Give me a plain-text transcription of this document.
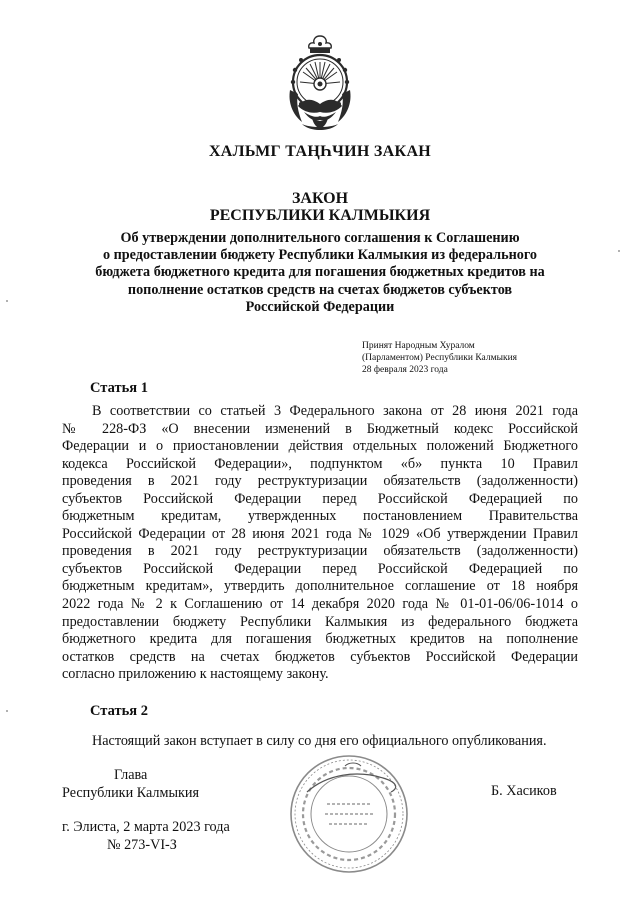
ХАЛЬМГ ТАҢҺЧИН ЗАКАН
ЗАКОН
РЕСПУБЛИКИ КАЛМЫКИЯ
Об утверждении дополнительного соглашения к Соглашению
о предоставлении бюджету Республики Калмыкия из федерального
бюджета бюджетного кредита для погашения бюджетных кредитов на
пополнение остатков средств на счетах бюджетов субъектов
Российской Федерации
Принят Народным Хуралом
(Парламентом) Республики Калмыкия
28 февраля 2023 года
Статья 1
В соответствии со статьей 3 Федерального закона от 28 июня 2021 года
№ 228-ФЗ «О внесении изменений в Бюджетный кодекс Российской
Федерации и о приостановлении действия отдельных положений Бюджетного
кодекса Российской Федерации», подпунктом «б» пункта 10 Правил
проведения в 2021 году реструктуризации обязательств (задолженности)
субъектов Российской Федерации перед Российской Федерацией по
бюджетным кредитам, утвержденных постановлением Правительства
Российской Федерации от 28 июня 2021 года № 1029 «Об утверждении Правил
проведения в 2021 году реструктуризации обязательств (задолженности)
субъектов Российской Федерации перед Российской Федерацией по
бюджетным кредитам», утвердить дополнительное соглашение от 18 ноября
2022 года № 2 к Соглашению от 14 декабря 2020 года № 01-01-06/06-1014 о
предоставлении бюджету Республики Калмыкия из федерального бюджета
бюджетного кредита для погашения бюджетных кредитов на пополнение
остатков средств на счетах бюджетов субъектов Российской Федерации
согласно приложению к настоящему закону.
Статья 2
Настоящий закон вступает в силу со дня его официального опубликования.
Глава
Республики Калмыкия	Б. Хасиков
г. Элиста, 2 марта 2023 года
№ 273-VI-З
